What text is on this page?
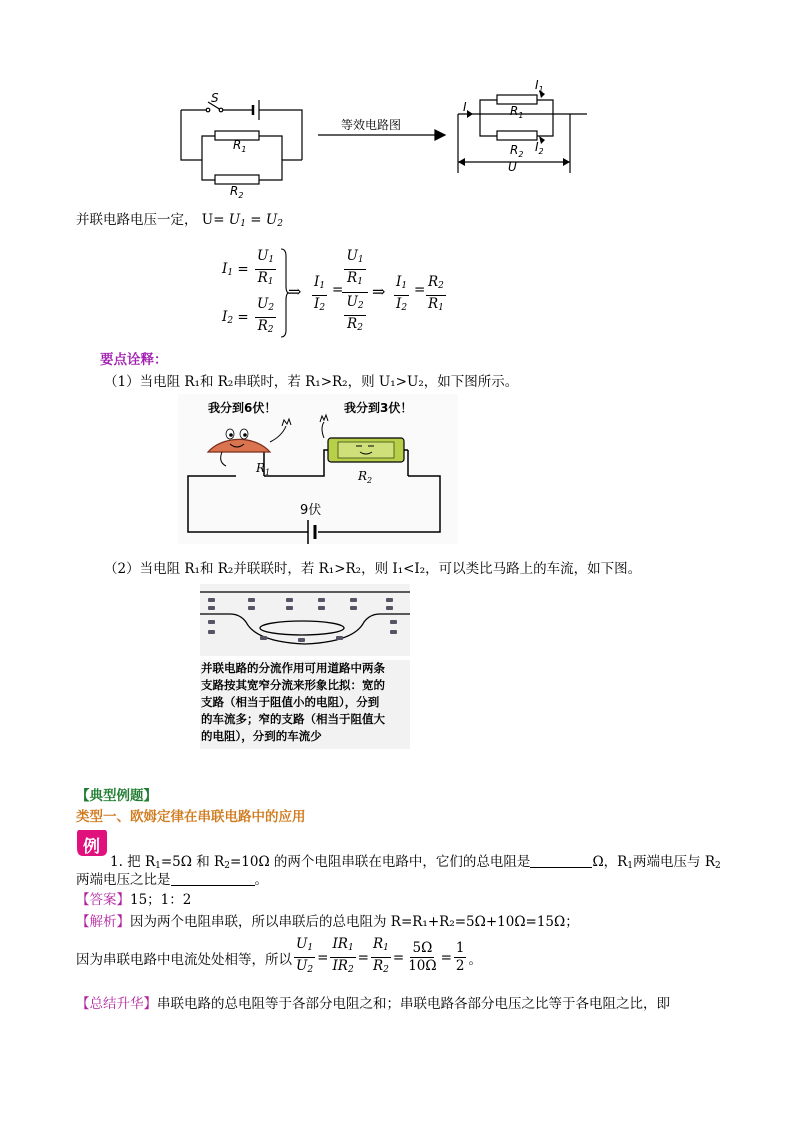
S
$R_1$
$R_2$
I
$I_1$
$R_1$
$R_2$
$I_2$
U
等效电路图
并联电路电压一定， $U= U_1 = U_2$
$I_1 = \frac{U_1}{R_1}$
$I_2 = \frac{U_2}{R_2}$
⇒ $\frac{I_1}{I_2} = \frac{U_1}{R_1}$
$\frac{U_2}{R_2}$
⇒ $\frac{I_1}{I_2} = \frac{R_2}{R_1}$
要点诠释：
（1）当电阻 R₁和 R₂串联时，若 R₁>R₂，则 U₁>U₂，如下图所示。
我分到6伏！	我分到3伏！
$R_1$	$R_2$
9伏
（2）当电阻 R₁和 R₂并联联时，若 R₁>R₂，则 I₁<I₂，可以类比马路上的车流，如下图。
并联电路的分流作用可用道路中两条
支路按其宽窄分流来形象比拟：宽的
支路（相当于阻值小的电阻），分到
的车流多；窄的支路（相当于阻值大
的电阻），分到的车流少
【典型例题】
类型一、欧姆定律在串联电路中的应用
例
1. 把 $R_1=5\Omega$ 和 $R_2=10\Omega$ 的两个电阻串联在电路中，它们的总电阻是	Ω，$R_1$两端电压与 $R_2$
两端电压之比是	。
【答案】15；1：2
【解析】因为两个电阻串联，所以串联后的总电阻为 R=R₁+R₂=5Ω+10Ω=15Ω；
因为串联电路中电流处处相等，所以 $\frac{U_1}{U_2} = \frac{IR_1}{IR_2} = \frac{R_1}{R_2} = \frac{5\Omega}{10\Omega} = \frac{1}{2}$ 。
【总结升华】串联电路的总电阻等于各部分电阻之和；串联电路各部分电压之比等于各电阻之比，即
